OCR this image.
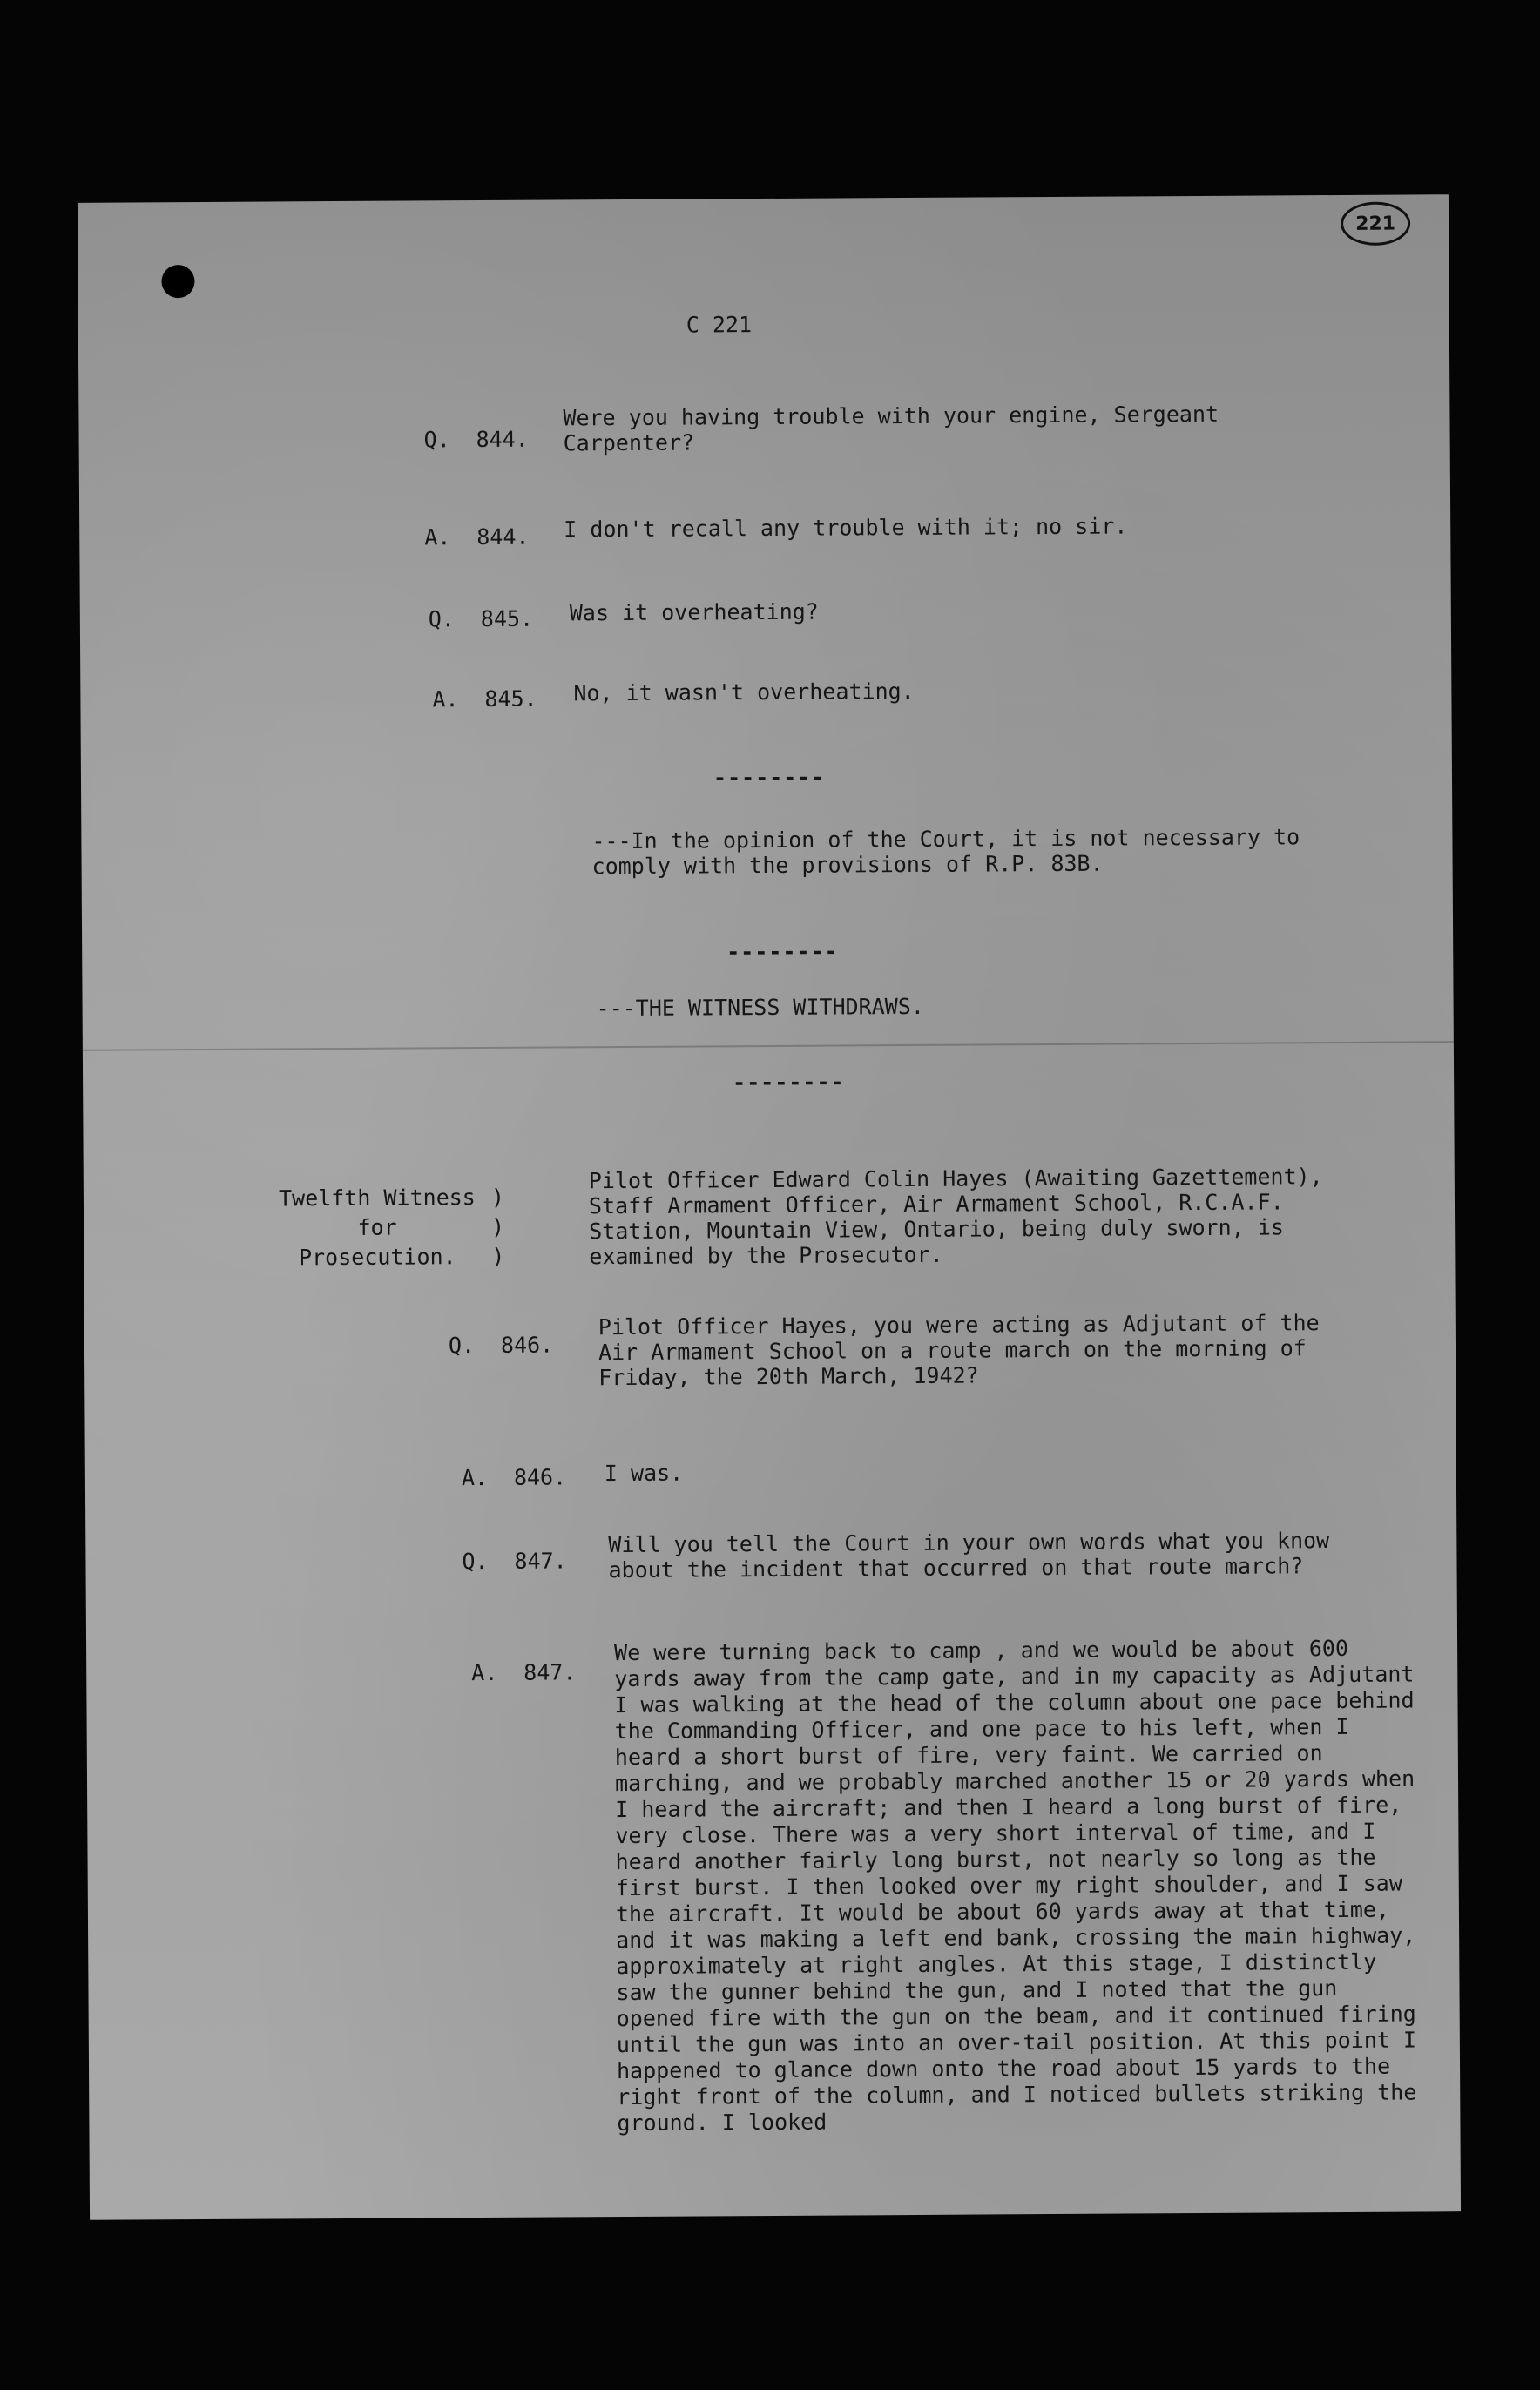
221
C 221
Q. 844.
Were you having trouble with your engine, Sergeant Carpenter?
A. 844. I don't recall any trouble with it; no sir.
Q. 845. Was it overheating?
A. 845. No, it wasn't overheating.
--------
---In the opinion of the Court, it is not necessary to comply with the provisions of R.P. 83B.
--------
---THE WITNESS WITHDRAWS.
--------
Twelfth Witness
for
Prosecution.
)
)
)
Pilot Officer Edward Colin Hayes (Awaiting Gazettement), Staff Armament Officer, Air Armament School, R.C.A.F. Station, Mountain View, Ontario, being duly sworn, is examined by the Prosecutor.
Q. 846.
Pilot Officer Hayes, you were acting as Adjutant of the Air Armament School on a route march on the morning of Friday, the 20th March, 1942?
A. 846. I was.
Q. 847.
Will you tell the Court in your own words what you know about the incident that occurred on that route march?
A. 847.
We were turning back to camp , and we would be about 600 yards away from the camp gate, and in my capacity as Adjutant I was walking at the head of the column about one pace behind the Commanding Officer, and one pace to his left, when I heard a short burst of fire, very faint. We carried on marching, and we probably marched another 15 or 20 yards when I heard the aircraft; and then I heard a long burst of fire, very close. There was a very short interval of time, and I heard another fairly long burst, not nearly so long as the first burst. I then looked over my right shoulder, and I saw the aircraft. It would be about 60 yards away at that time, and it was making a left end bank, crossing the main highway, approximately at right angles. At this stage, I distinctly saw the gunner behind the gun, and I noted that the gun opened fire with the gun on the beam, and it continued firing until the gun was into an over-tail position. At this point I happened to glance down onto the road about 15 yards to the right front of the column, and I noticed bullets striking the ground. I looked
